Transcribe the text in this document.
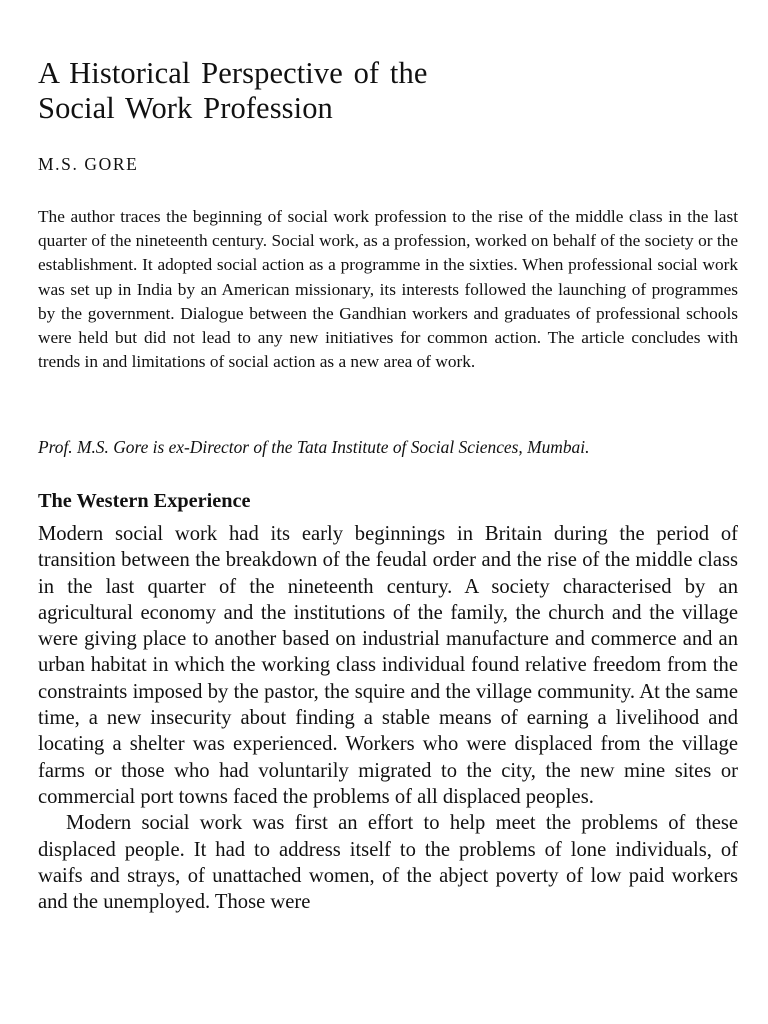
A Historical Perspective of the
Social Work Profession

M.S. GORE

The author traces the beginning of social work profession to the rise of the middle class in the last quarter of the nineteenth century. Social work, as a profession, worked on behalf of the society or the establishment. It adopted social action as a programme in the sixties. When professional social work was set up in India by an American missionary, its interests followed the launching of programmes by the government. Dialogue between the Gandhian workers and graduates of professional schools were held but did not lead to any new initiatives for common action. The article concludes with trends in and limitations of social action as a new area of work.

Prof. M.S. Gore is ex-Director of the Tata Institute of Social Sciences, Mumbai.

The Western Experience

Modern social work had its early beginnings in Britain during the period of transition between the breakdown of the feudal order and the rise of the middle class in the last quarter of the nineteenth century. A society characterised by an agricultural economy and the institutions of the family, the church and the village were giving place to another based on industrial manufacture and commerce and an urban habitat in which the working class individual found relative freedom from the constraints imposed by the pastor, the squire and the village community. At the same time, a new insecurity about finding a stable means of earning a livelihood and locating a shelter was experienced. Workers who were displaced from the village farms or those who had voluntarily migrated to the city, the new mine sites or commercial port towns faced the problems of all displaced peoples.

Modern social work was first an effort to help meet the problems of these displaced people. It had to address itself to the problems of lone individuals, of waifs and strays, of unattached women, of the abject poverty of low paid workers and the unemployed. Those were
